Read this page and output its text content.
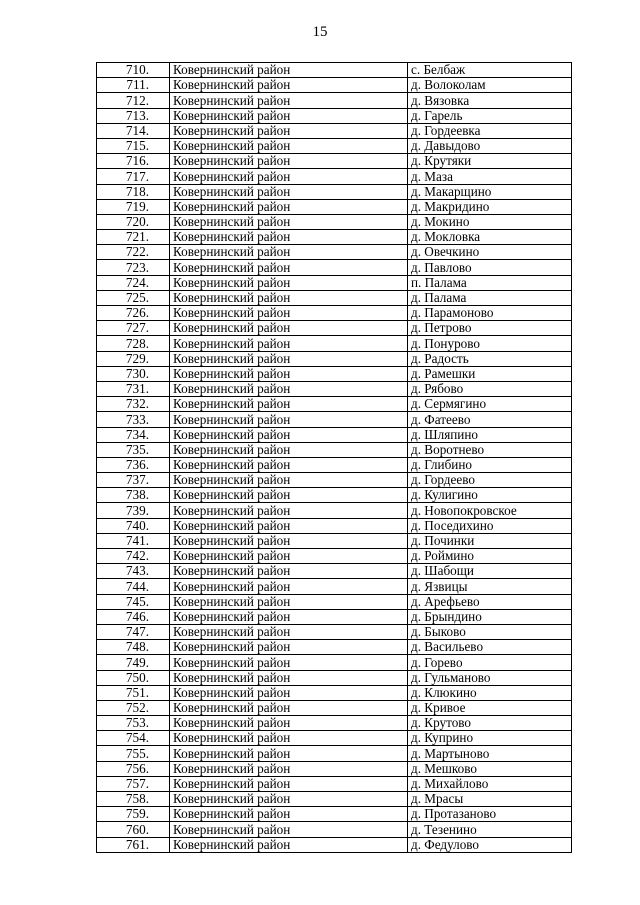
15
710.	Ковернинский район	с. Белбаж
711.	Ковернинский район	д. Волоколам
712.	Ковернинский район	д. Вязовка
713.	Ковернинский район	д. Гарель
714.	Ковернинский район	д. Гордеевка
715.	Ковернинский район	д. Давыдово
716.	Ковернинский район	д. Крутяки
717.	Ковернинский район	д. Маза
718.	Ковернинский район	д. Макарщино
719.	Ковернинский район	д. Макридино
720.	Ковернинский район	д. Мокино
721.	Ковернинский район	д. Мокловка
722.	Ковернинский район	д. Овечкино
723.	Ковернинский район	д. Павлово
724.	Ковернинский район	п. Палама
725.	Ковернинский район	д. Палама
726.	Ковернинский район	д. Парамоново
727.	Ковернинский район	д. Петрово
728.	Ковернинский район	д. Понурово
729.	Ковернинский район	д. Радость
730.	Ковернинский район	д. Рамешки
731.	Ковернинский район	д. Рябово
732.	Ковернинский район	д. Сермягино
733.	Ковернинский район	д. Фатеево
734.	Ковернинский район	д. Шляпино
735.	Ковернинский район	д. Воротнево
736.	Ковернинский район	д. Глибино
737.	Ковернинский район	д. Гордеево
738.	Ковернинский район	д. Кулигино
739.	Ковернинский район	д. Новопокровское
740.	Ковернинский район	д. Поседихино
741.	Ковернинский район	д. Починки
742.	Ковернинский район	д. Роймино
743.	Ковернинский район	д. Шабощи
744.	Ковернинский район	д. Язвицы
745.	Ковернинский район	д. Арефьево
746.	Ковернинский район	д. Брындино
747.	Ковернинский район	д. Быково
748.	Ковернинский район	д. Васильево
749.	Ковернинский район	д. Горево
750.	Ковернинский район	д. Гульманово
751.	Ковернинский район	д. Клюкино
752.	Ковернинский район	д. Кривое
753.	Ковернинский район	д. Крутово
754.	Ковернинский район	д. Куприно
755.	Ковернинский район	д. Мартыново
756.	Ковернинский район	д. Мешково
757.	Ковернинский район	д. Михайлово
758.	Ковернинский район	д. Мрасы
759.	Ковернинский район	д. Протазаново
760.	Ковернинский район	д. Тезенино
761.	Ковернинский район	д. Федулово
